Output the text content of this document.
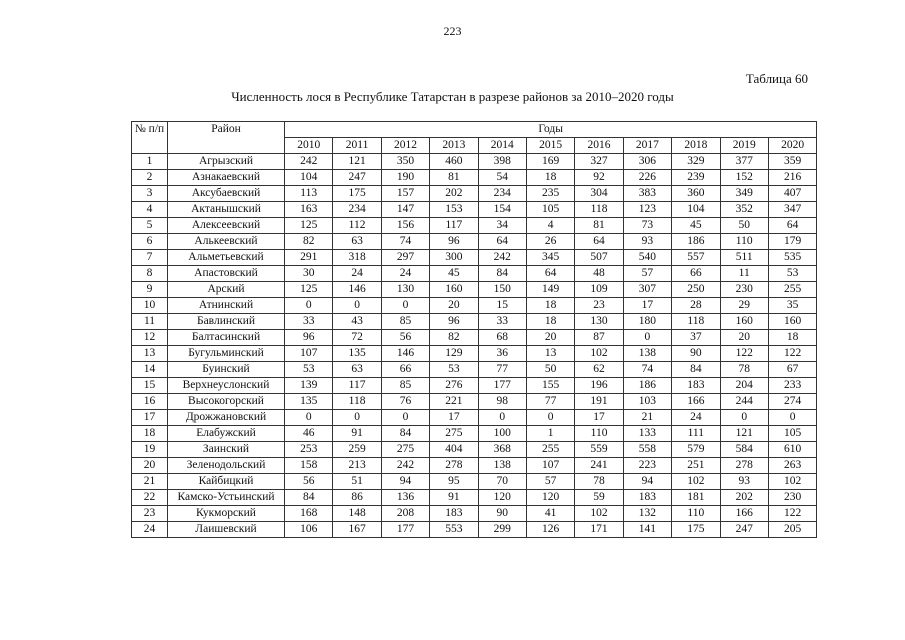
223
Таблица 60
Численность лося в Республике Татарстан в разрезе районов за 2010–2020 годы
№ п/п	Район	Годы										
		2010	2011	2012	2013	2014	2015	2016	2017	2018	2019	2020
1	Агрызский	242	121	350	460	398	169	327	306	329	377	359
2	Азнакаевский	104	247	190	81	54	18	92	226	239	152	216
3	Аксубаевский	113	175	157	202	234	235	304	383	360	349	407
4	Актанышский	163	234	147	153	154	105	118	123	104	352	347
5	Алексеевский	125	112	156	117	34	4	81	73	45	50	64
6	Алькеевский	82	63	74	96	64	26	64	93	186	110	179
7	Альметьевский	291	318	297	300	242	345	507	540	557	511	535
8	Апастовский	30	24	24	45	84	64	48	57	66	11	53
9	Арский	125	146	130	160	150	149	109	307	250	230	255
10	Атнинский	0	0	0	20	15	18	23	17	28	29	35
11	Бавлинский	33	43	85	96	33	18	130	180	118	160	160
12	Балтасинский	96	72	56	82	68	20	87	0	37	20	18
13	Бугульминский	107	135	146	129	36	13	102	138	90	122	122
14	Буинский	53	63	66	53	77	50	62	74	84	78	67
15	Верхнеуслонский	139	117	85	276	177	155	196	186	183	204	233
16	Высокогорский	135	118	76	221	98	77	191	103	166	244	274
17	Дрожжановский	0	0	0	17	0	0	17	21	24	0	0
18	Елабужский	46	91	84	275	100	1	110	133	111	121	105
19	Заинский	253	259	275	404	368	255	559	558	579	584	610
20	Зеленодольский	158	213	242	278	138	107	241	223	251	278	263
21	Кайбицкий	56	51	94	95	70	57	78	94	102	93	102
22	Камско-Устьинский	84	86	136	91	120	120	59	183	181	202	230
23	Кукморский	168	148	208	183	90	41	102	132	110	166	122
24	Лаишевский	106	167	177	553	299	126	171	141	175	247	205
